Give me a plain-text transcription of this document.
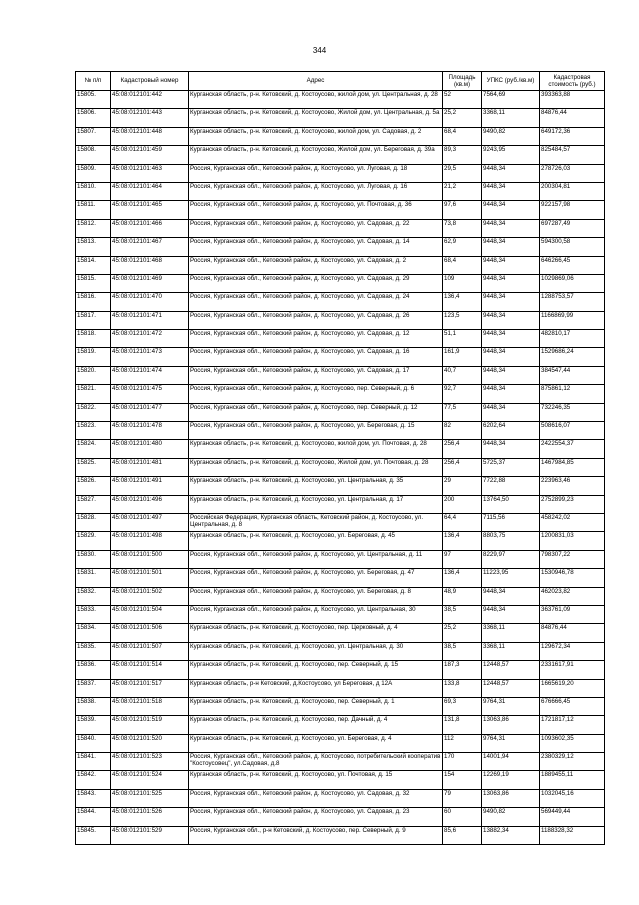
344
№ п/п	Кадастровый номер	Адрес	Площадь (кв.м)	УПКС (руб./кв.м)	Кадастровая стоимость (руб.)
15805.	45:08:012101:442	Курганская область, р-н. Кетовский, д. Костоусово, жилой дом, ул. Центральная, д. 28	52	7564,69	393363,88
15806.	45:08:012101:443	Курганская область, р-н. Кетовский, д. Костоусово, Жилой дом, ул. Центральная, д. 5а	25,2	3368,11	84876,44
15807.	45:08:012101:448	Курганская область, р-н. Кетовский, д. Костоусово, жилой дом, ул. Садовая, д. 2	68,4	9490,82	649172,36
15808.	45:08:012101:459	Курганская область, р-н. Кетовский, д. Костоусово, Жилой дом, ул. Береговая, д. 39а	89,3	9243,95	825484,57
15809.	45:08:012101:463	Россия, Курганская обл., Кетовский район, д. Костоусово, ул. Луговая, д. 18	29,5	9448,34	278726,03
15810.	45:08:012101:464	Россия, Курганская обл., Кетовский район, д. Костоусово, ул. Луговая, д. 16	21,2	9448,34	200304,81
15811.	45:08:012101:465	Россия, Курганская обл., Кетовский район, д. Костоусово, ул. Почтовая, д. 36	97,6	9448,34	922157,98
15812.	45:08:012101:466	Россия, Курганская обл., Кетовский район, д. Костоусово, ул. Садовая, д. 22	73,8	9448,34	697287,49
15813.	45:08:012101:467	Россия, Курганская обл., Кетовский район, д. Костоусово, ул. Садовая, д. 14	62,9	9448,34	594300,58
15814.	45:08:012101:468	Россия, Курганская обл., Кетовский район, д. Костоусово, ул. Садовая, д. 2	68,4	9448,34	646266,45
15815.	45:08:012101:469	Россия, Курганская обл., Кетовский район, д. Костоусово, ул. Садовая, д. 29	109	9448,34	1029869,06
15816.	45:08:012101:470	Россия, Курганская обл., Кетовский район, д. Костоусово, ул. Садовая, д. 24	136,4	9448,34	1288753,57
15817.	45:08:012101:471	Россия, Курганская обл., Кетовский район, д. Костоусово, ул. Садовая, д. 26	123,5	9448,34	1166869,99
15818.	45:08:012101:472	Россия, Курганская обл., Кетовский район, д. Костоусово, ул. Садовая, д. 12	51,1	9448,34	482810,17
15819.	45:08:012101:473	Россия, Курганская обл., Кетовский район, д. Костоусово, ул. Садовая, д. 16	161,9	9448,34	1529686,24
15820.	45:08:012101:474	Россия, Курганская обл., Кетовский район, д. Костоусово, ул. Садовая, д. 17	40,7	9448,34	384547,44
15821.	45:08:012101:475	Россия, Курганская обл., Кетовский район, д. Костоусово, пер. Северный, д. 6	92,7	9448,34	875861,12
15822.	45:08:012101:477	Россия, Курганская обл., Кетовский район, д. Костоусово, пер. Северный, д. 12	77,5	9448,34	732246,35
15823.	45:08:012101:478	Россия, Курганская обл., Кетовский район, д. Костоусово, ул. Береговая, д. 15	82	6202,64	508616,07
15824.	45:08:012101:480	Курганская область, р-н. Кетовский, д. Костоусово, жилой дом, ул. Почтовая, д. 28	256,4	9448,34	2422554,37
15825.	45:08:012101:481	Курганская область, р-н. Кетовский, д. Костоусово, Жилой дом, ул. Почтовая, д. 28	256,4	5725,37	1467984,85
15826.	45:08:012101:491	Курганская область, р-н. Кетовский, д. Костоусово, ул. Центральная, д. 35	29	7722,88	223963,46
15827.	45:08:012101:496	Курганская область, р-н. Кетовский, д. Костоусово, ул. Центральная, д. 17	200	13764,50	2752899,23
15828.	45:08:012101:497	Российская Федерация, Курганская область, Кетовский район, д. Костоусово, ул. Центральная, д. 8	64,4	7115,56	458242,02
15829.	45:08:012101:498	Курганская область, р-н. Кетовский, д. Костоусово, ул. Береговая, д. 45	136,4	8803,75	1200831,03
15830.	45:08:012101:500	Россия, Курганская обл., Кетовский район, д. Костоусово, ул. Центральная, д. 11	97	8229,97	798307,22
15831.	45:08:012101:501	Россия, Курганская обл., Кетовский район, д. Костоусово, ул. Береговая, д. 47	136,4	11223,95	1530946,78
15832.	45:08:012101:502	Россия, Курганская обл., Кетовский район, д. Костоусово, ул. Береговая, д. 8	48,9	9448,34	462023,82
15833.	45:08:012101:504	Россия, Курганская обл., Кетовский район, д. Костоусово, ул. Центральная, 30	38,5	9448,34	363761,09
15834.	45:08:012101:506	Курганская область, р-н. Кетовский, д. Костоусово, пер. Церковный, д. 4	25,2	3368,11	84876,44
15835.	45:08:012101:507	Курганская область, р-н. Кетовский, д. Костоусово, ул. Центральная, д. 30	38,5	3368,11	129672,34
15836.	45:08:012101:514	Курганская область, р-н. Кетовский, д. Костоусово, пер. Северный, д. 15	187,3	12448,57	2331617,91
15837.	45:08:012101:517	Курганская область, р-н Кетовский, д.Костоусово, ул Береговая, д 12А	133,8	12448,57	1665619,20
15838.	45:08:012101:518	Курганская область, р-н. Кетовский, д. Костоусово, пер. Северный, д. 1	69,3	9764,31	676666,45
15839.	45:08:012101:519	Курганская область, р-н. Кетовский, д. Костоусово, пер. Дачный, д. 4	131,8	13063,86	1721817,12
15840.	45:08:012101:520	Курганская область, р-н. Кетовский, д. Костоусово, ул. Береговая, д. 4	112	9764,31	1093602,35
15841.	45:08:012101:523	Россия, Курганская обл., Кетовский район, д. Костоусово, потребительский кооператив "Костоусовец", ул.Садовая, д.8	170	14001,94	2380329,12
15842.	45:08:012101:524	Курганская область, р-н. Кетовский, д. Костоусово, ул. Почтовая, д. 15	154	12269,19	1889455,11
15843.	45:08:012101:525	Россия, Курганская обл., Кетовский район, д. Костоусово, ул. Садовая, д. 32	79	13063,86	1032045,16
15844.	45:08:012101:526	Россия, Курганская обл., Кетовский район, д. Костоусово, ул. Садовая, д. 23	60	9490,82	569449,44
15845.	45:08:012101:529	Россия, Курганская обл., р-н Кетовский, д. Костоусово, пер. Северный, д. 9	85,6	13882,34	1188328,32
